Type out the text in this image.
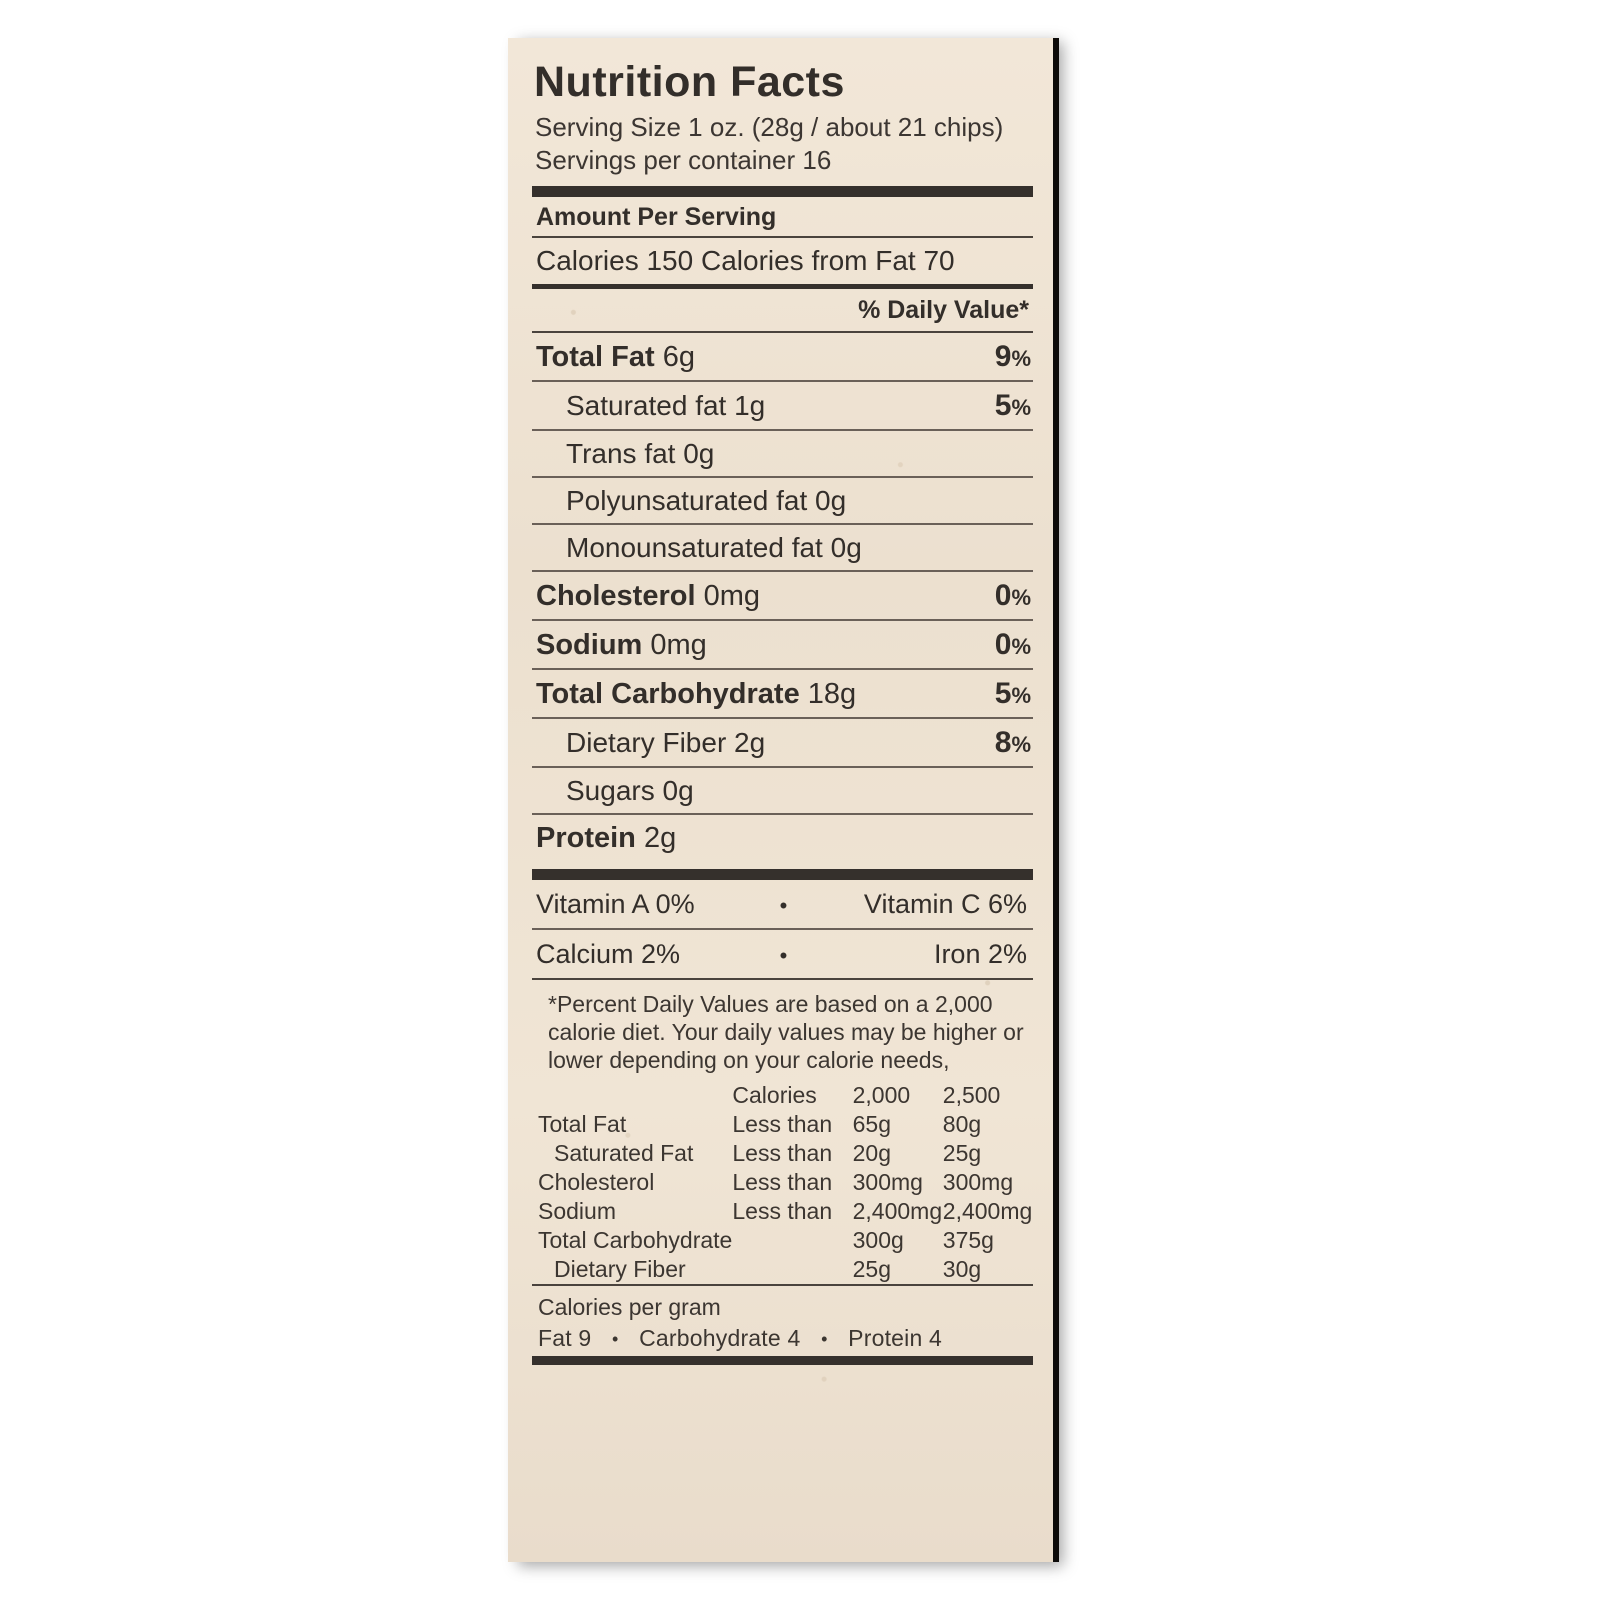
Nutrition Facts
Serving Size 1 oz. (28g / about 21 chips)
Servings per container 16
Amount Per Serving
Calories 150 Calories from Fat 70
% Daily Value*
Total Fat 6g	9%
Saturated fat 1g	5%
Trans fat 0g
Polyunsaturated fat 0g
Monounsaturated fat 0g
Cholesterol 0mg	0%
Sodium 0mg	0%
Total Carbohydrate 18g	5%
Dietary Fiber 2g	8%
Sugars 0g
Protein 2g
Vitamin A 0%	•	Vitamin C 6%
Calcium 2%	•	Iron 2%
*Percent Daily Values are based on a 2,000 calorie diet. Your daily values may be higher or lower depending on your calorie needs,
	Calories	2,000	2,500
Total Fat	Less than	65g	80g
Saturated Fat	Less than	20g	25g
Cholesterol	Less than	300mg	300mg
Sodium	Less than	2,400mg	2,400mg
Total Carbohydrate		300g	375g
Dietary Fiber		25g	30g
Calories per gram
Fat 9 • Carbohydrate 4 • Protein 4
